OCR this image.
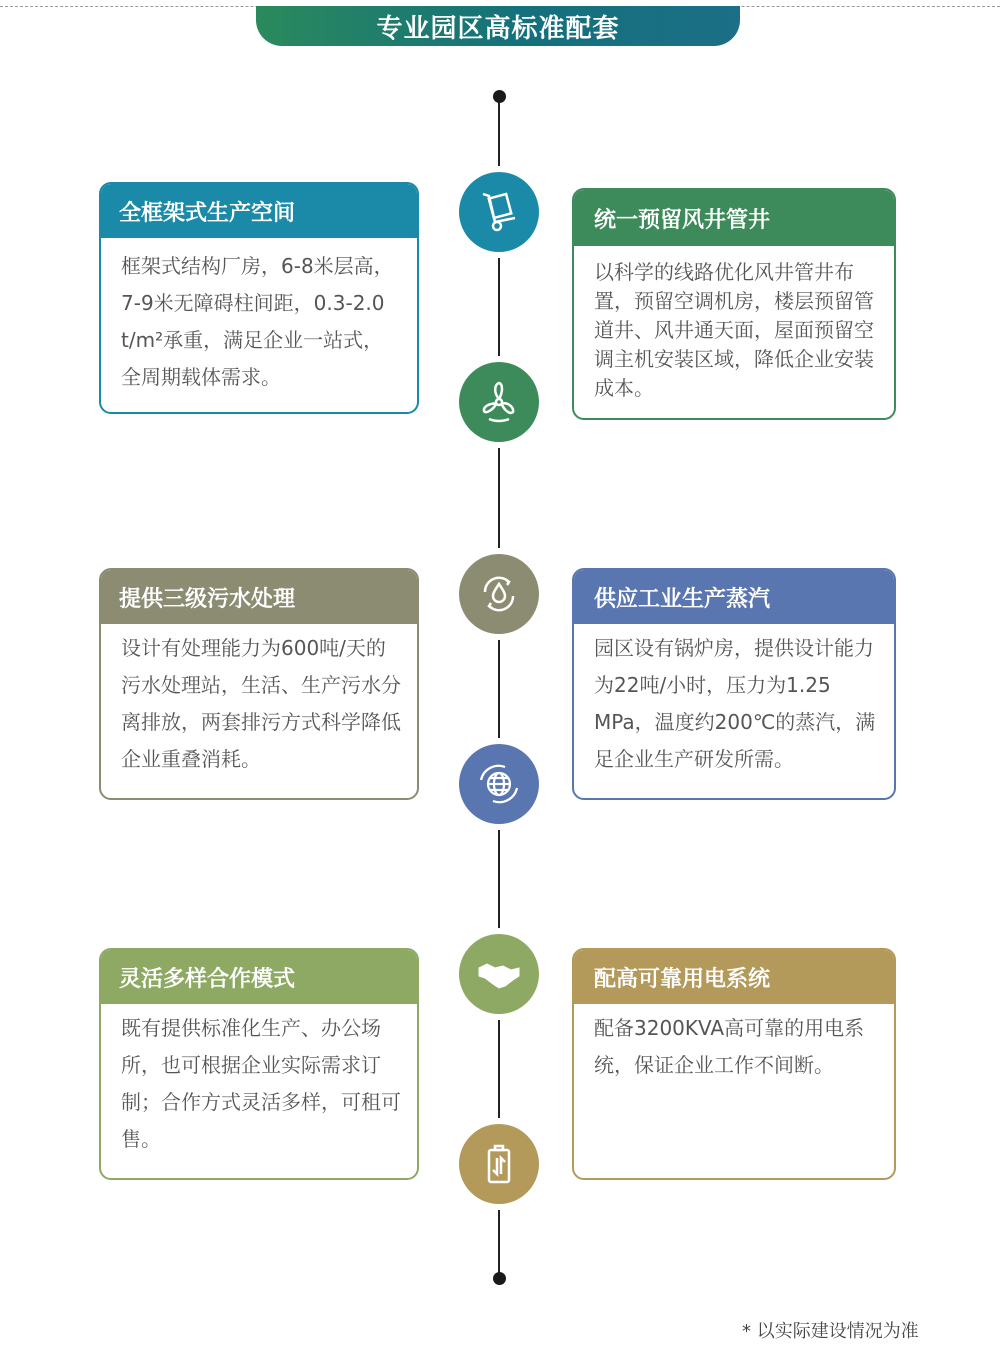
专业园区高标准配套
全框架式生产空间
框架式结构厂房，6-8米层高，7-9米无障碍柱间距，0.3-2.0 t/m²承重，满足企业一站式，全周期载体需求。
统一预留风井管井
以科学的线路优化风井管井布置，预留空调机房，楼层预留管道井、风井通天面，屋面预留空调主机安装区域，降低企业安装成本。
提供三级污水处理
设计有处理能力为600吨/天的污水处理站，生活、生产污水分离排放，两套排污方式科学降低企业重叠消耗。
供应工业生产蒸汽
园区设有锅炉房，提供设计能力为22吨/小时，压力为1.25 MPa，温度约200℃的蒸汽，满足企业生产研发所需。
灵活多样合作模式
既有提供标准化生产、办公场所，也可根据企业实际需求订制；合作方式灵活多样，可租可售。
配高可靠用电系统
配备3200KVA高可靠的用电系统，保证企业工作不间断。
* 以实际建设情况为准
